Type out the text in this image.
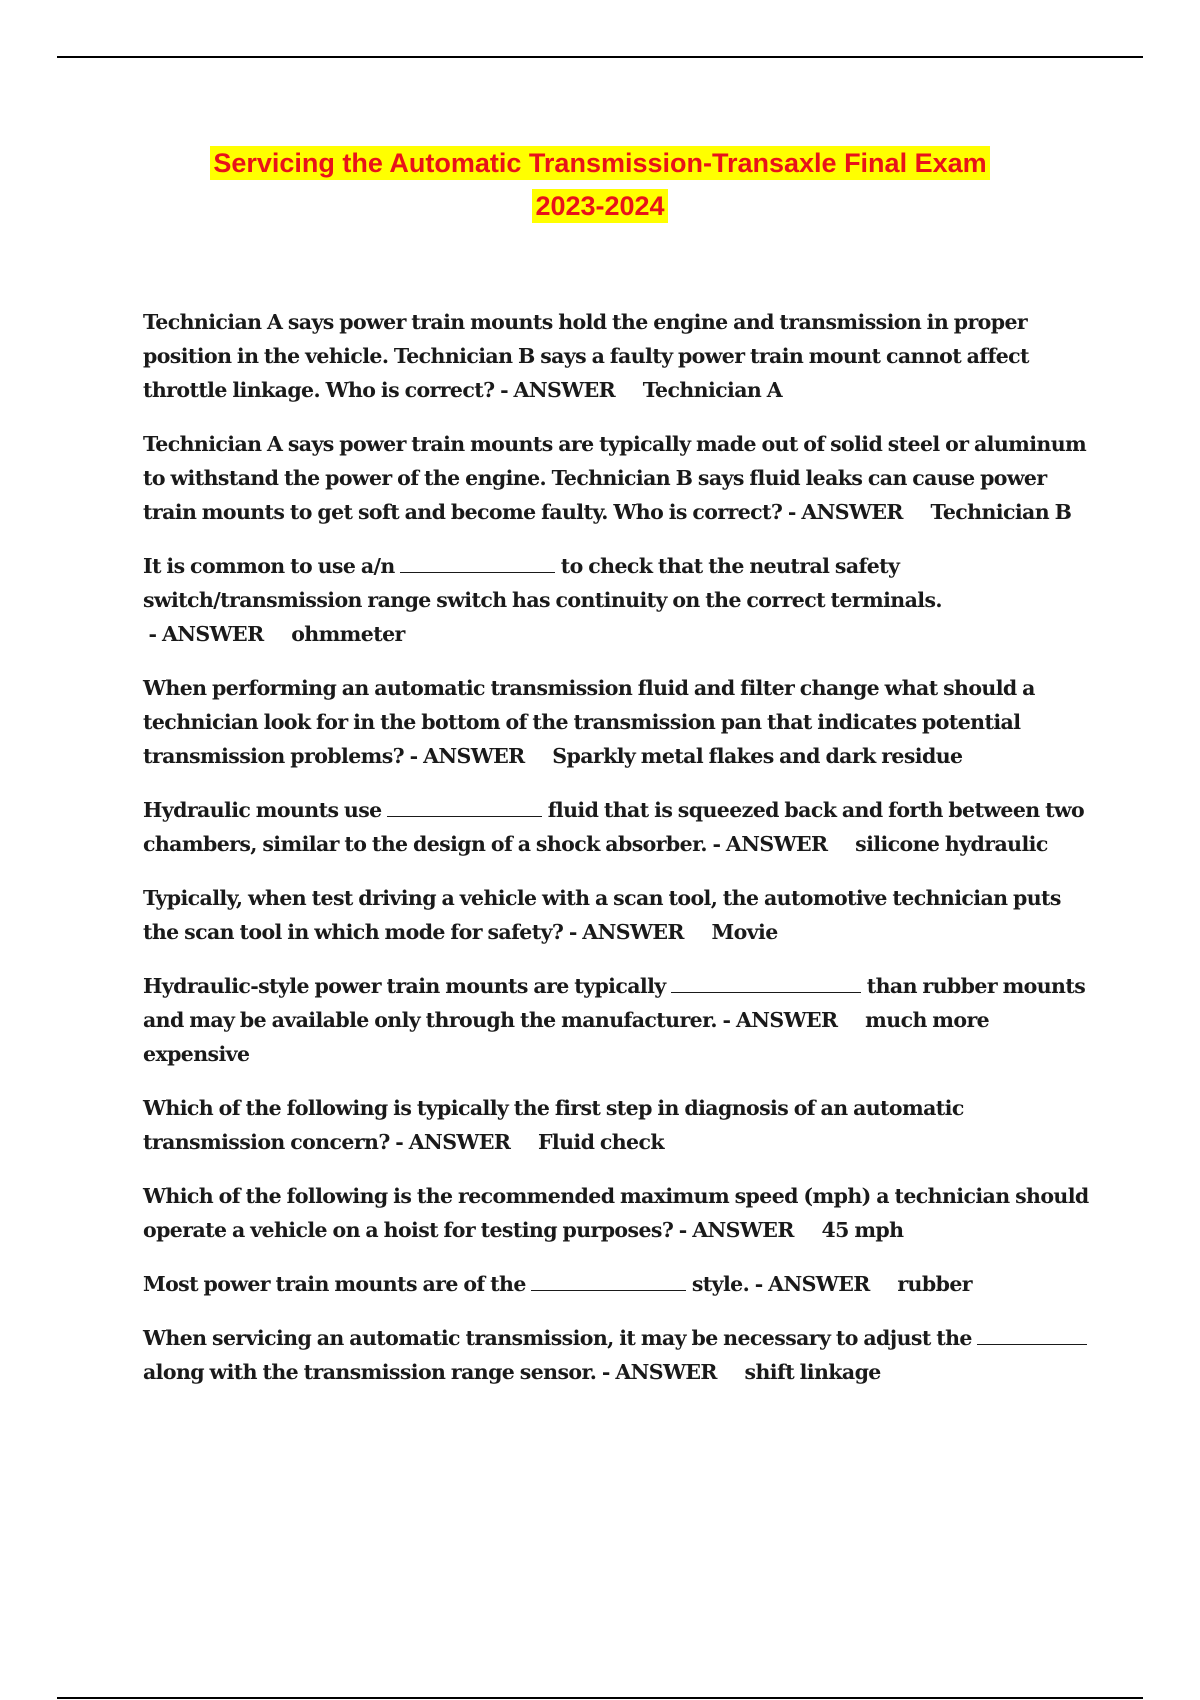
Servicing the Automatic Transmission-Transaxle Final Exam
2023-2024

Technician A says power train mounts hold the engine and transmission in proper position in the vehicle. Technician B says a faulty power train mount cannot affect throttle linkage. Who is correct? - ANSWER     Technician A

Technician A says power train mounts are typically made out of solid steel or aluminum to withstand the power of the engine. Technician B says fluid leaks can cause power train mounts to get soft and become faulty. Who is correct? - ANSWER     Technician B

It is common to use a/n	to check that the neutral safety switch/transmission range switch has continuity on the correct terminals. - ANSWER     ohmmeter

When performing an automatic transmission fluid and filter change what should a technician look for in the bottom of the transmission pan that indicates potential transmission problems? - ANSWER     Sparkly metal flakes and dark residue

Hydraulic mounts use	fluid that is squeezed back and forth between two chambers, similar to the design of a shock absorber. - ANSWER     silicone hydraulic

Typically, when test driving a vehicle with a scan tool, the automotive technician puts the scan tool in which mode for safety? - ANSWER     Movie

Hydraulic-style power train mounts are typically	than rubber mounts and may be available only through the manufacturer. - ANSWER     much more expensive

Which of the following is typically the first step in diagnosis of an automatic transmission concern? - ANSWER     Fluid check

Which of the following is the recommended maximum speed (mph) a technician should operate a vehicle on a hoist for testing purposes? - ANSWER     45 mph

Most power train mounts are of the	style. - ANSWER     rubber

When servicing an automatic transmission, it may be necessary to adjust the  along with the transmission range sensor. - ANSWER     shift linkage
